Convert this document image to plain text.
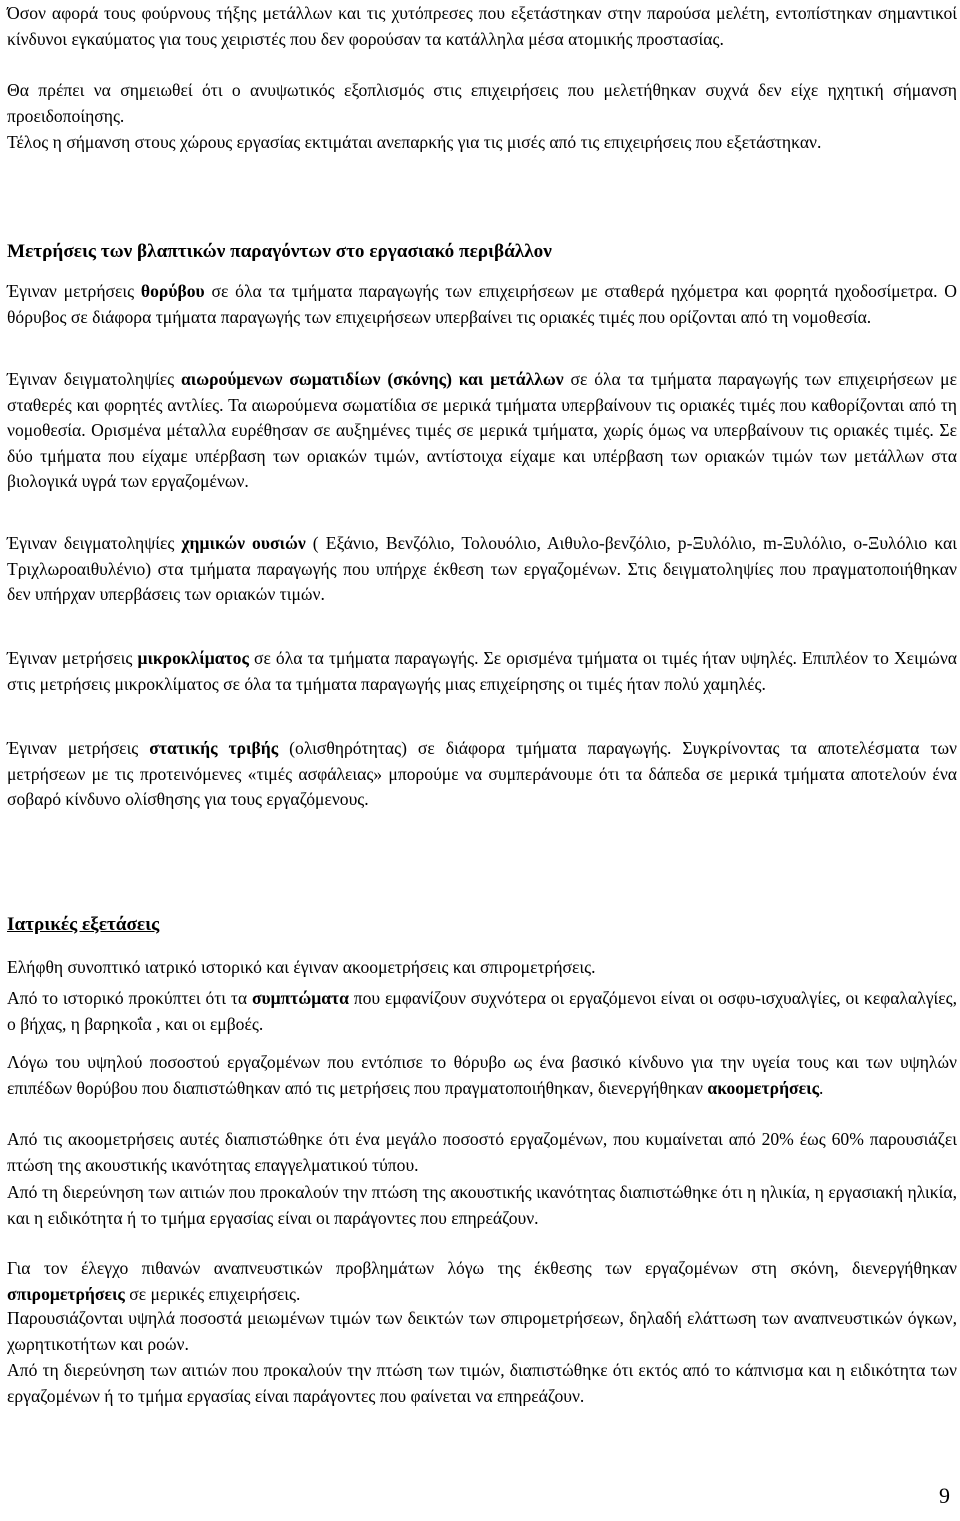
Όσον αφορά τους φούρνους τήξης μετάλλων και τις χυτόπρεσες που εξετάστηκαν στην παρούσα μελέτη, εντοπίστηκαν σημαντικοί κίνδυνοι εγκαύματος για τους χειριστές που δεν φορούσαν τα κατάλληλα μέσα ατομικής προστασίας.

Θα πρέπει να σημειωθεί ότι ο ανυψωτικός εξοπλισμός στις επιχειρήσεις που μελετήθηκαν συχνά δεν είχε ηχητική σήμανση προειδοποίησης.

Τέλος η σήμανση στους χώρους εργασίας εκτιμάται ανεπαρκής για τις μισές από τις επιχειρήσεις που εξετάστηκαν.

Μετρήσεις των βλαπτικών παραγόντων στο εργασιακό περιβάλλον

Έγιναν μετρήσεις θορύβου σε όλα τα τμήματα παραγωγής των επιχειρήσεων με σταθερά ηχόμετρα και φορητά ηχοδοσίμετρα. Ο θόρυβος σε διάφορα τμήματα παραγωγής των επιχειρήσεων υπερβαίνει τις οριακές τιμές που ορίζονται από τη νομοθεσία.

Έγιναν δειγματοληψίες αιωρούμενων σωματιδίων (σκόνης) και μετάλλων σε όλα τα τμήματα παραγωγής των επιχειρήσεων με σταθερές και φορητές αντλίες. Τα αιωρούμενα σωματίδια σε μερικά τμήματα υπερβαίνουν τις οριακές τιμές που καθορίζονται από τη νομοθεσία. Ορισμένα μέταλλα ευρέθησαν σε αυξημένες τιμές σε μερικά τμήματα, χωρίς όμως να υπερβαίνουν τις οριακές τιμές. Σε δύο τμήματα που είχαμε υπέρβαση των οριακών τιμών, αντίστοιχα είχαμε και υπέρβαση των οριακών τιμών των μετάλλων στα βιολογικά υγρά των εργαζομένων.

Έγιναν δειγματοληψίες χημικών ουσιών ( Εξάνιο, Βενζόλιο, Τολουόλιο, Αιθυλο-βενζόλιο, p-Ξυλόλιο, m-Ξυλόλιο, o-Ξυλόλιο και Τριχλωροαιθυλένιο) στα τμήματα παραγωγής που υπήρχε έκθεση των εργαζομένων. Στις δειγματοληψίες που πραγματοποιήθηκαν δεν υπήρχαν υπερβάσεις των οριακών τιμών.

Έγιναν μετρήσεις μικροκλίματος σε όλα τα τμήματα παραγωγής. Σε ορισμένα τμήματα οι τιμές ήταν υψηλές. Επιπλέον το Χειμώνα στις μετρήσεις μικροκλίματος σε όλα τα τμήματα παραγωγής μιας επιχείρησης οι τιμές ήταν πολύ χαμηλές.

Έγιναν μετρήσεις στατικής τριβής (ολισθηρότητας) σε διάφορα τμήματα παραγωγής. Συγκρίνοντας τα αποτελέσματα των μετρήσεων με τις προτεινόμενες «τιμές ασφάλειας» μπορούμε να συμπεράνουμε ότι τα δάπεδα σε μερικά τμήματα αποτελούν ένα σοβαρό κίνδυνο ολίσθησης για τους εργαζόμενους.

Ιατρικές εξετάσεις

Ελήφθη συνοπτικό ιατρικό ιστορικό και έγιναν ακοομετρήσεις και σπιρομετρήσεις.

Από το ιστορικό προκύπτει ότι τα συμπτώματα που εμφανίζουν συχνότερα οι εργαζόμενοι είναι οι οσφυ-ισχυαλγίες, οι κεφαλαλγίες, ο βήχας, η βαρηκοΐα , και οι εμβοές.

Λόγω του υψηλού ποσοστού εργαζομένων που εντόπισε το θόρυβο ως ένα βασικό κίνδυνο για την υγεία τους και των υψηλών επιπέδων θορύβου που διαπιστώθηκαν από τις μετρήσεις που πραγματοποιήθηκαν, διενεργήθηκαν ακοομετρήσεις.

Από τις ακοομετρήσεις αυτές διαπιστώθηκε ότι ένα μεγάλο ποσοστό εργαζομένων, που κυμαίνεται από 20% έως 60% παρουσιάζει πτώση της ακουστικής ικανότητας επαγγελματικού τύπου.

Από τη διερεύνηση των αιτιών που προκαλούν την πτώση της ακουστικής ικανότητας διαπιστώθηκε ότι η ηλικία, η εργασιακή ηλικία, και η ειδικότητα ή το τμήμα εργασίας είναι οι παράγοντες που επηρεάζουν.

Για τον έλεγχο πιθανών αναπνευστικών προβλημάτων λόγω της έκθεσης των εργαζομένων στη σκόνη, διενεργήθηκαν σπιρομετρήσεις σε μερικές επιχειρήσεις.

Παρουσιάζονται υψηλά ποσοστά μειωμένων τιμών των δεικτών των σπιρομετρήσεων, δηλαδή ελάττωση των αναπνευστικών όγκων, χωρητικοτήτων και ροών.

Από τη διερεύνηση των αιτιών που προκαλούν την πτώση των τιμών, διαπιστώθηκε ότι εκτός από το κάπνισμα και η ειδικότητα των εργαζομένων ή το τμήμα εργασίας είναι παράγοντες που φαίνεται να επηρεάζουν.

9
